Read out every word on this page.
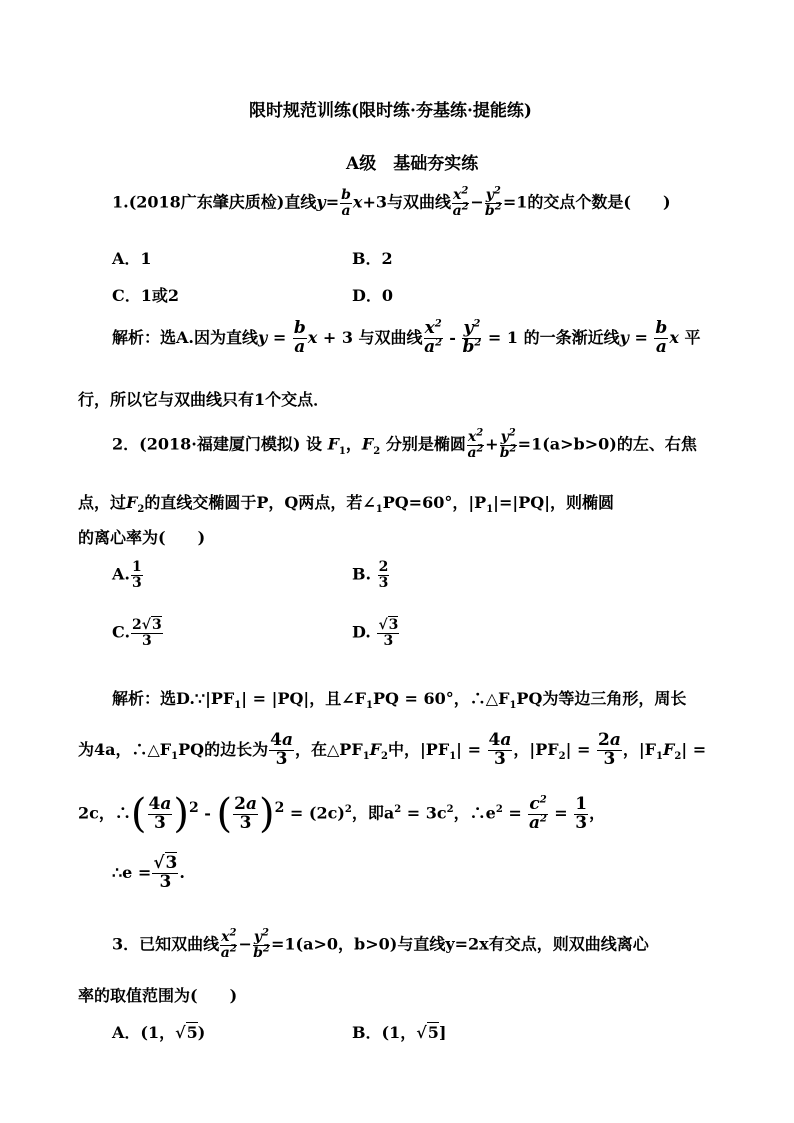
限时规范训练(限时练·夯基练·提能练)
A级　基础夯实练
1.(2018广东肇庆质检)直线$y= \frac{b}{a} x+3$与双曲线 $\frac{x^2}{a^2} - \frac{y^2}{b^2} =1$的交点个数是(　　)
A．1	B．2
C．1或2	D．0
解析：选A.因为直线$y = \frac{b}{a}$ x + 3 与双曲线 $\frac{x^2}{a^2} - \frac{y^2}{b^2} = 1$ 的一条渐近线$y = \frac{b}{a}$ x 平
行，所以它与双曲线只有1个交点．
2．(2018·福建厦门模拟) 设 $F_1$，$F_2$ 分别是椭圆 $\frac{x^2}{a^2} + \frac{y^2}{b^2} =1(a>b>0)$的左、右焦
点，过$F_2$的直线交椭圆于P，Q两点，若$\angle_1PQ=60^\circ$，$|P_1|=|PQ|$，则椭圆
的离心率为(　　)
A. $\frac{1}{3}$	B. $\frac{2}{3}$
C. $\frac{2√3}{3}$	D. $\frac{√3}{3}$
解析：选$D.\because|PF_1| = |PQ|$，且$\angle F_1PQ = 60^\circ$，$\therefore\triangle F_1PQ$为等边三角形，周长
为4a，$\therefore\triangle F_1PQ$的边长为 $\frac{4a}{3}$ ，在$\triangle PF_1F_2$中，$|PF_1| = \frac{4a}{3}$ ，$|PF_2| = \frac{2a}{3}$ ，$|F_1F_2|$ =
2c，∴( $\frac{4a}{3} )^2$ - ( $\frac{2a}{3} )^2 = (2c)^2$，即$a^2 = 3c^2$，$\therefore e^2 = \frac{c^2}{a^2} = \frac{1}{3}$ ，
∴e = $\frac{√3}{3}$ .
3．已知双曲线 $\frac{x^2}{a^2} - \frac{y^2}{b^2} =1(a>0$，b>0)与直线y=2x有交点，则双曲线离心
率的取值范围为(　　)
A．(1，√5)	B．(1，√5]
